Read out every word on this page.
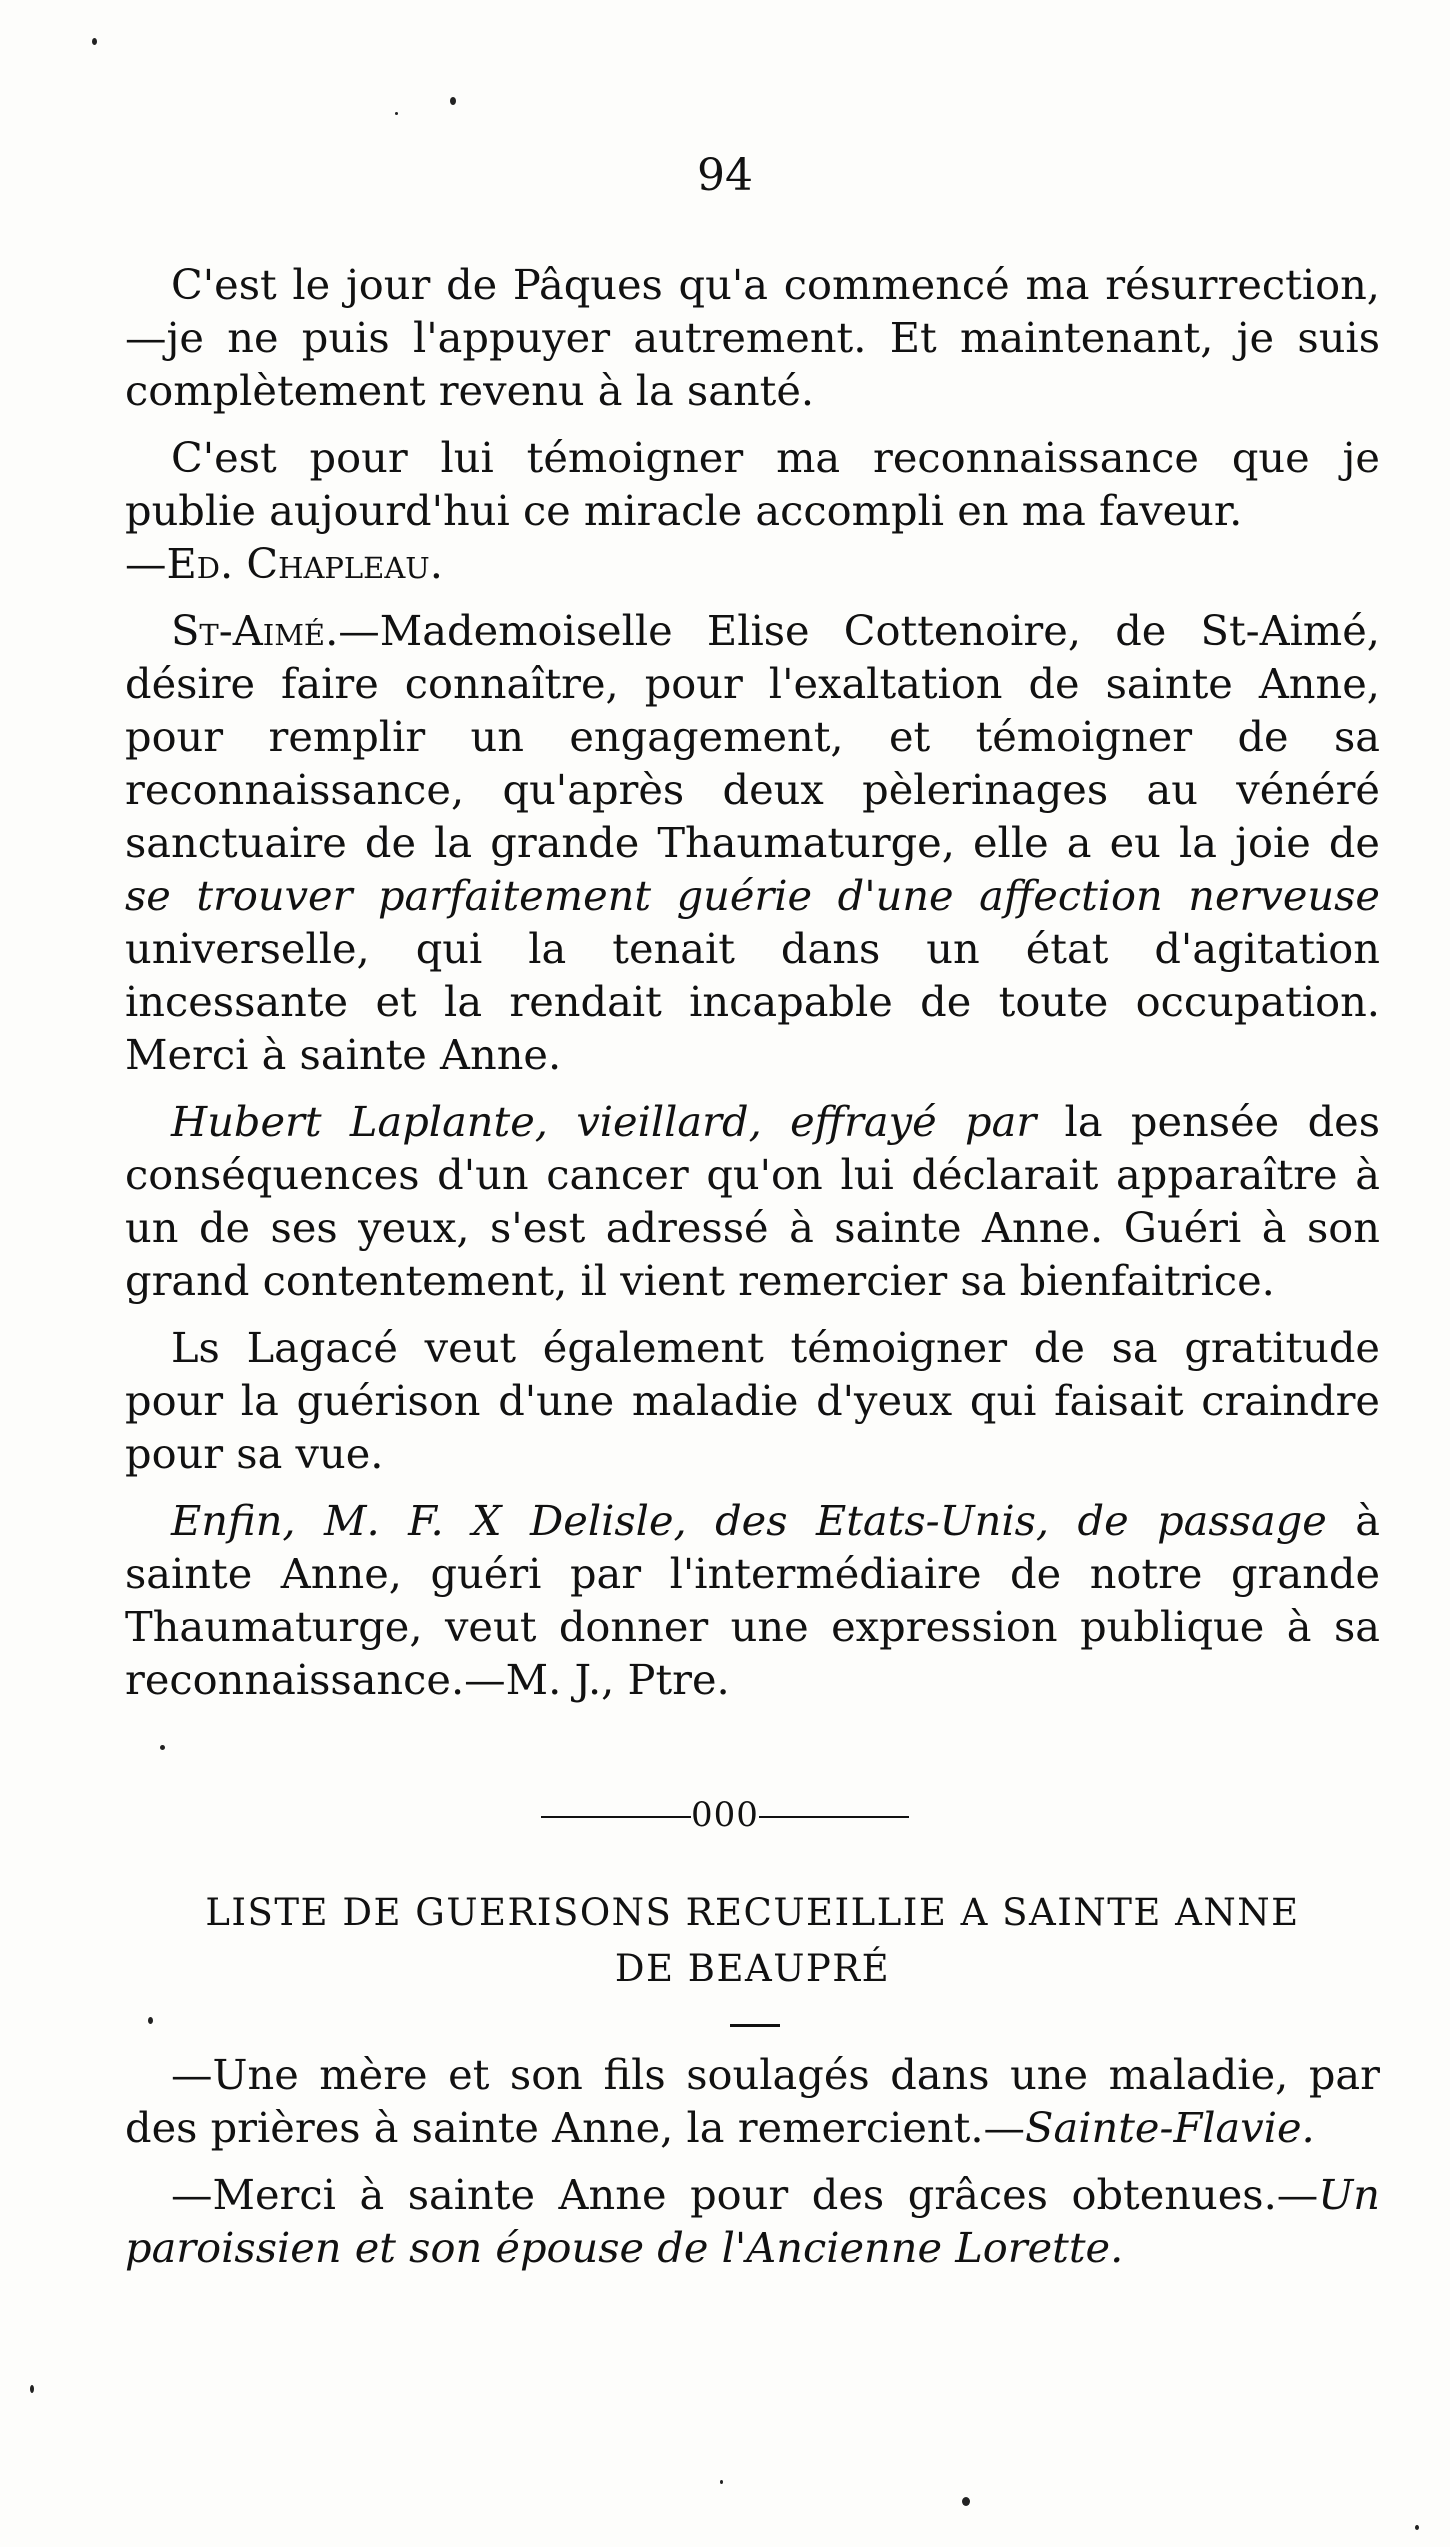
94

C'est le jour de Pâques qu'a commencé ma résurrection,—je ne puis l'appuyer autrement. Et maintenant, je suis complètement revenu à la santé.

C'est pour lui témoigner ma reconnaissance que je publie aujourd'hui ce miracle accompli en ma faveur.
—Ed. Chapleau.

St-Aimé.—Mademoiselle Elise Cottenoire, de St-Aimé, désire faire connaître, pour l'exaltation de sainte Anne, pour remplir un engagement, et témoigner de sa reconnaissance, qu'après deux pèlerinages au vénéré sanctuaire de la grande Thaumaturge, elle a eu la joie de se trouver parfaitement guérie d'une affection nerveuse universelle, qui la tenait dans un état d'agitation incessante et la rendait incapable de toute occupation. Merci à sainte Anne.

Hubert Laplante, vieillard, effrayé par la pensée des conséquences d'un cancer qu'on lui déclarait apparaître à un de ses yeux, s'est adressé à sainte Anne. Guéri à son grand contentement, il vient remercier sa bienfaitrice.

Ls Lagacé veut également témoigner de sa gratitude pour la guérison d'une maladie d'yeux qui faisait craindre pour sa vue.

Enfin, M. F. X Delisle, des Etats-Unis, de passage à sainte Anne, guéri par l'intermédiaire de notre grande Thaumaturge, veut donner une expression publique à sa reconnaissance.—M. J., Ptre.

000
LISTE DE GUERISONS RECUEILLIE A SAINTE ANNE
DE BEAUPRÉ

—Une mère et son fils soulagés dans une maladie, par des prières à sainte Anne, la remercient.—Sainte-Flavie.

—Merci à sainte Anne pour des grâces obtenues.—Un paroissien et son épouse de l'Ancienne Lorette.
